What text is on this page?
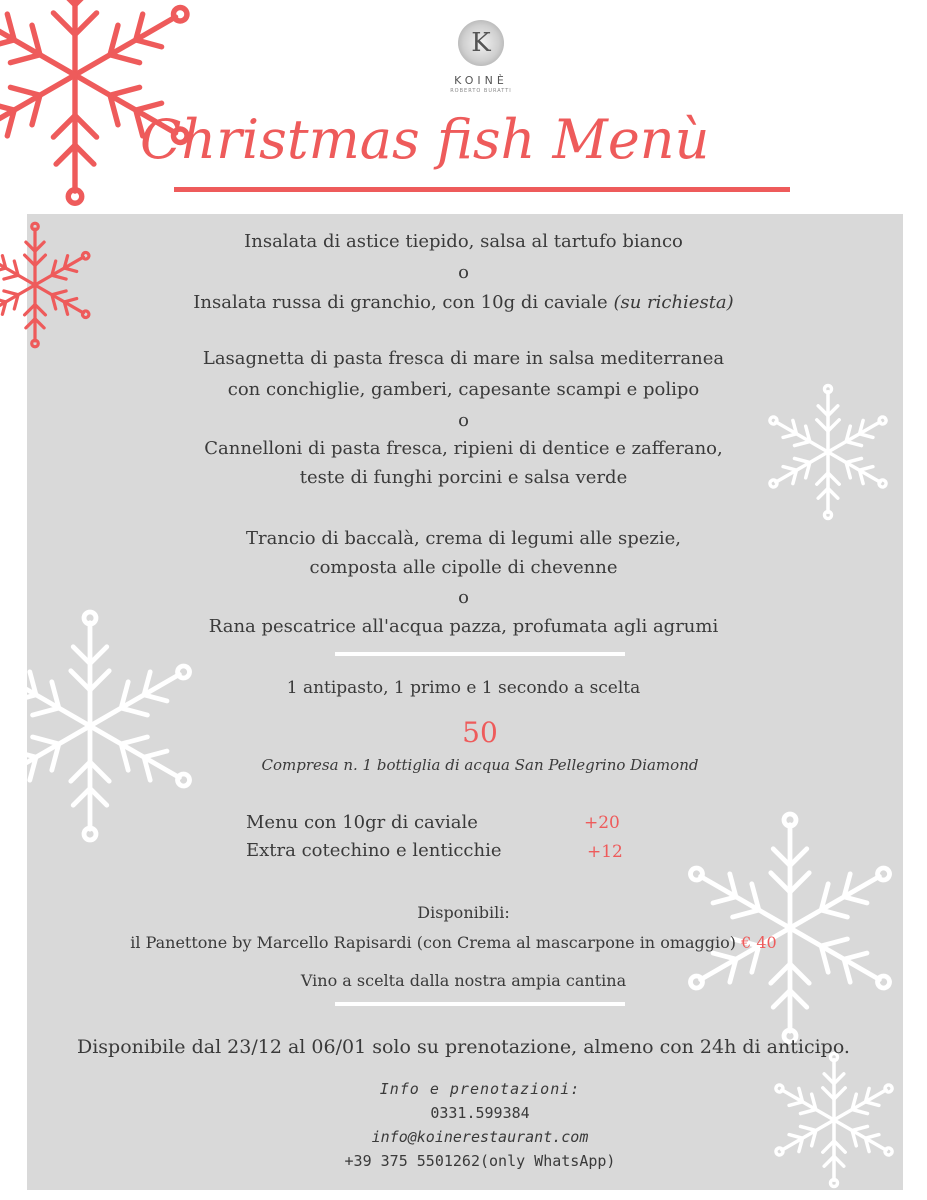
K
KOINÈ
ROBERTO BURATTI
Christmas fish Menù
Insalata di astice tiepido, salsa al tartufo bianco
o
Insalata russa di granchio, con 10g di caviale (su richiesta)
Lasagnetta di pasta fresca di mare in salsa mediterranea
con conchiglie, gamberi, capesante scampi e polipo
o
Cannelloni di pasta fresca, ripieni di dentice e zafferano,
teste di funghi porcini e salsa verde
Trancio di baccalà, crema di legumi alle spezie,
composta alle cipolle di chevenne
o
Rana pescatrice all'acqua pazza, profumata agli agrumi
1 antipasto, 1 primo e 1 secondo a scelta
50
Compresa n. 1 bottiglia di acqua San Pellegrino Diamond
Menu con 10gr di caviale	+20
Extra cotechino e lenticchie	+12
Disponibili:
il Panettone by Marcello Rapisardi (con Crema al mascarpone in omaggio) € 40
Vino a scelta dalla nostra ampia cantina
Disponibile dal 23/12 al 06/01 solo su prenotazione, almeno con 24h di anticipo.
Info e prenotazioni:
0331.599384
info@koinerestaurant.com
+39 375 5501262(only WhatsApp)
